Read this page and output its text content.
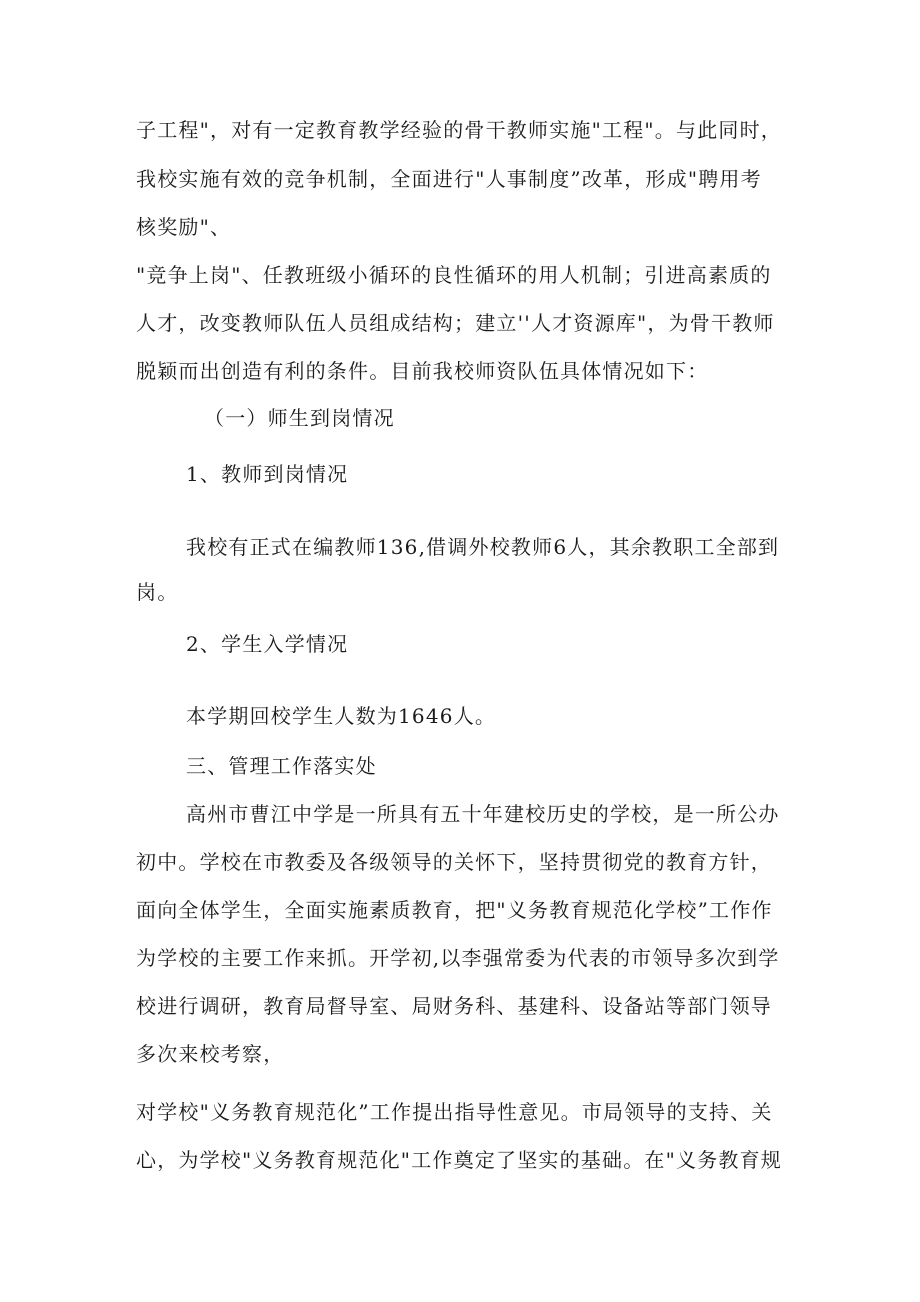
子工程"，对有一定教育教学经验的骨干教师实施"工程"。与此同时，
我校实施有效的竞争机制，全面进行"人事制度”改革，形成"聘用考
核奖励"、
"竞争上岗"、任教班级小循环的良性循环的用人机制；引进高素质的
人才，改变教师队伍人员组成结构；建立''人才资源库"，为骨干教师
脱颖而出创造有利的条件。目前我校师资队伍具体情况如下：
（一）师生到岗情况
1、教师到岗情况
我校有正式在编教师136,借调外校教师6人，其余教职工全部到
岗。
2、学生入学情况
本学期回校学生人数为1646人。
三、管理工作落实处
高州市曹江中学是一所具有五十年建校历史的学校，是一所公办
初中。学校在市教委及各级领导的关怀下，坚持贯彻党的教育方针，
面向全体学生，全面实施素质教育，把"义务教育规范化学校”工作作
为学校的主要工作来抓。开学初,以李强常委为代表的市领导多次到学
校进行调研，教育局督导室、局财务科、基建科、设备站等部门领导
多次来校考察，
对学校"义务教育规范化”工作提出指导性意见。市局领导的支持、关
心，为学校"义务教育规范化"工作奠定了坚实的基础。在"义务教育规
